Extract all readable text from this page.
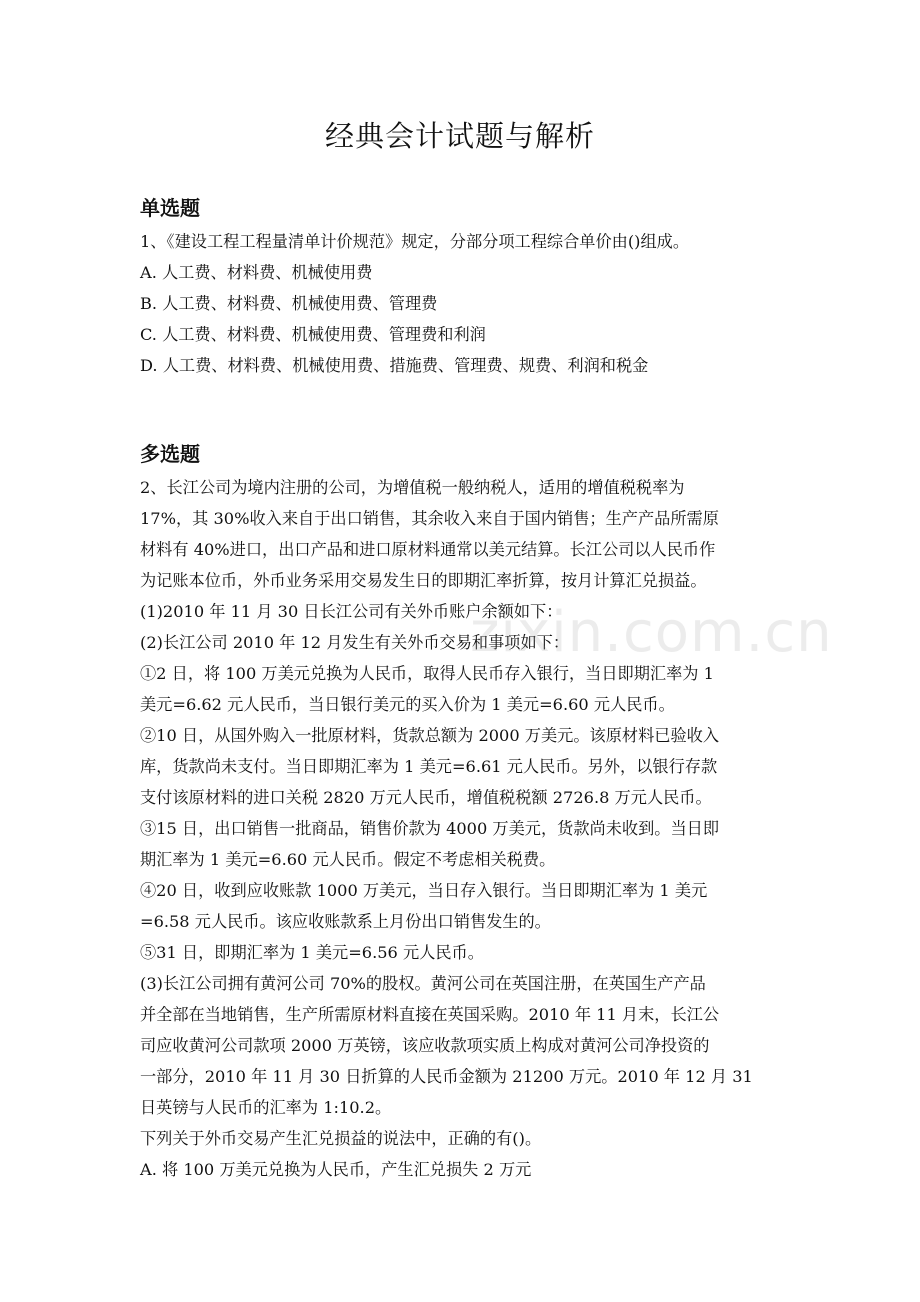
经典会计试题与解析
单选题
1、《建设工程工程量清单计价规范》规定，分部分项工程综合单价由()组成。
A. 人工费、材料费、机械使用费
B. 人工费、材料费、机械使用费、管理费
C. 人工费、材料费、机械使用费、管理费和利润
D. 人工费、材料费、机械使用费、措施费、管理费、规费、利润和税金
多选题
2、长江公司为境内注册的公司，为增值税一般纳税人，适用的增值税税率为
17%，其 30%收入来自于出口销售，其余收入来自于国内销售；生产产品所需原
材料有 40%进口，出口产品和进口原材料通常以美元结算。长江公司以人民币作
为记账本位币，外币业务采用交易发生日的即期汇率折算，按月计算汇兑损益。
(1)2010 年 11 月 30 日长江公司有关外币账户余额如下：
(2)长江公司 2010 年 12 月发生有关外币交易和事项如下：
①2 日，将 100 万美元兑换为人民币，取得人民币存入银行，当日即期汇率为 1
美元=6.62 元人民币，当日银行美元的买入价为 1 美元=6.60 元人民币。
②10 日，从国外购入一批原材料，货款总额为 2000 万美元。该原材料已验收入
库，货款尚未支付。当日即期汇率为 1 美元=6.61 元人民币。另外，以银行存款
支付该原材料的进口关税 2820 万元人民币，增值税税额 2726.8 万元人民币。
③15 日，出口销售一批商品，销售价款为 4000 万美元，货款尚未收到。当日即
期汇率为 1 美元=6.60 元人民币。假定不考虑相关税费。
④20 日，收到应收账款 1000 万美元，当日存入银行。当日即期汇率为 1 美元
=6.58 元人民币。该应收账款系上月份出口销售发生的。
⑤31 日，即期汇率为 1 美元=6.56 元人民币。
(3)长江公司拥有黄河公司 70%的股权。黄河公司在英国注册，在英国生产产品
并全部在当地销售，生产所需原材料直接在英国采购。2010 年 11 月末，长江公
司应收黄河公司款项 2000 万英镑，该应收款项实质上构成对黄河公司净投资的
一部分，2010 年 11 月 30 日折算的人民币金额为 21200 万元。2010 年 12 月 31
日英镑与人民币的汇率为 1:10.2。
下列关于外币交易产生汇兑损益的说法中，正确的有()。
A. 将 100 万美元兑换为人民币，产生汇兑损失 2 万元
zixin.com.cn
